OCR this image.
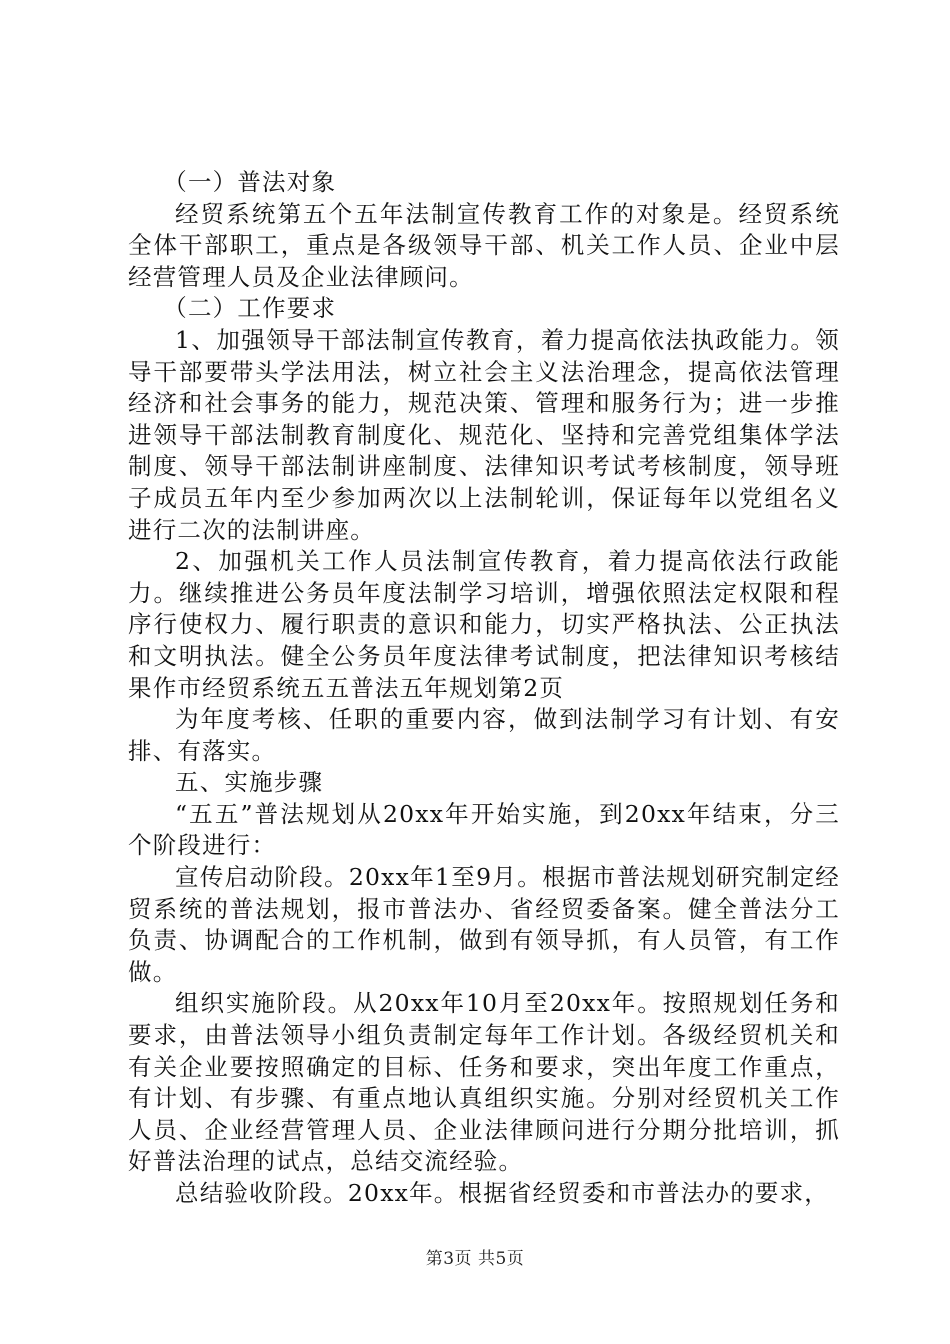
（一）普法对象

经贸系统第五个五年法制宣传教育工作的对象是。经贸系统全体干部职工，重点是各级领导干部、机关工作人员、企业中层经营管理人员及企业法律顾问。

（二）工作要求

1、加强领导干部法制宣传教育，着力提高依法执政能力。领导干部要带头学法用法，树立社会主义法治理念，提高依法管理经济和社会事务的能力，规范决策、管理和服务行为；进一步推进领导干部法制教育制度化、规范化、坚持和完善党组集体学法制度、领导干部法制讲座制度、法律知识考试考核制度，领导班子成员五年内至少参加两次以上法制轮训，保证每年以党组名义进行二次的法制讲座。

2、加强机关工作人员法制宣传教育，着力提高依法行政能力。继续推进公务员年度法制学习培训，增强依照法定权限和程序行使权力、履行职责的意识和能力，切实严格执法、公正执法和文明执法。健全公务员年度法律考试制度，把法律知识考核结果作市经贸系统五五普法五年规划第2页

为年度考核、任职的重要内容，做到法制学习有计划、有安排、有落实。

五、实施步骤

“五五”普法规划从20xx年开始实施，到20xx年结束，分三个阶段进行：

宣传启动阶段。20xx年1至9月。根据市普法规划研究制定经贸系统的普法规划，报市普法办、省经贸委备案。健全普法分工负责、协调配合的工作机制，做到有领导抓，有人员管，有工作做。

组织实施阶段。从20xx年10月至20xx年。按照规划任务和要求，由普法领导小组负责制定每年工作计划。各级经贸机关和有关企业要按照确定的目标、任务和要求，突出年度工作重点，有计划、有步骤、有重点地认真组织实施。分别对经贸机关工作人员、企业经营管理人员、企业法律顾问进行分期分批培训，抓好普法治理的试点，总结交流经验。

总结验收阶段。20xx年。根据省经贸委和市普法办的要求，

第3页 共5页
